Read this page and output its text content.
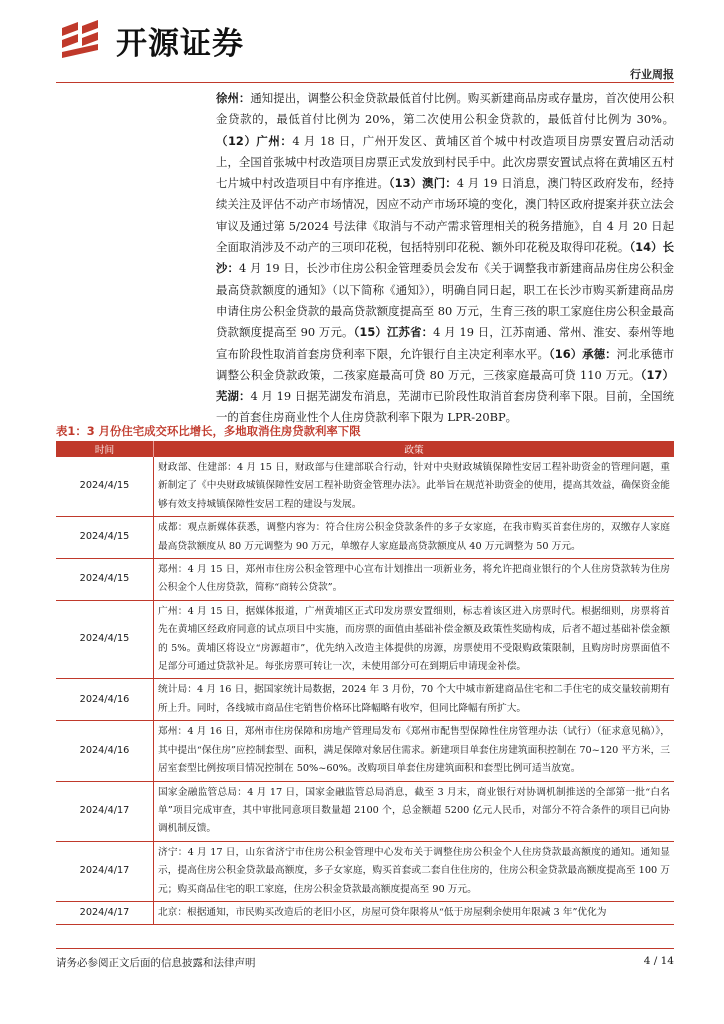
开源证券
行业周报
徐州：通知提出，调整公积金贷款最低首付比例。购买新建商品房或存量房，首次使用公积金贷款的，最低首付比例为 20%，第二次使用公积金贷款的，最低首付比例为 30%。（12）广州：4 月 18 日，广州开发区、黄埔区首个城中村改造项目房票安置启动活动上，全国首张城中村改造项目房票正式发放到村民手中。此次房票安置试点将在黄埔区五村七片城中村改造项目中有序推进。（13）澳门：4 月 19 日消息，澳门特区政府发布，经持续关注及评估不动产市场情况，因应不动产市场环境的变化，澳门特区政府提案并获立法会审议及通过第 5/2024 号法律《取消与不动产需求管理相关的税务措施》，自 4 月 20 日起全面取消涉及不动产的三项印花税，包括特别印花税、额外印花税及取得印花税。（14）长沙：4 月 19 日，长沙市住房公积金管理委员会发布《关于调整我市新建商品房住房公积金最高贷款额度的通知》（以下简称《通知》），明确自同日起，职工在长沙市购买新建商品房申请住房公积金贷款的最高贷款额度提高至 80 万元，生育三孩的职工家庭住房公积金最高贷款额度提高至 90 万元。（15）江苏省：4 月 19 日，江苏南通、常州、淮安、泰州等地宣布阶段性取消首套房贷利率下限，允许银行自主决定利率水平。（16）承德：河北承德市调整公积金贷款政策，二孩家庭最高可贷 80 万元，三孩家庭最高可贷 110 万元。（17）芜湖：4 月 19 日据芜湖发布消息，芜湖市已阶段性取消首套房贷利率下限。目前，全国统一的首套住房商业性个人住房贷款利率下限为 LPR-20BP。
表1：3 月份住宅成交环比增长，多地取消住房贷款利率下限
时间	政策
2024/4/15	财政部、住建部：4 月 15 日，财政部与住建部联合行动，针对中央财政城镇保障性安居工程补助资金的管理问题，重新制定了《中央财政城镇保障性安居工程补助资金管理办法》。此举旨在规范补助资金的使用，提高其效益，确保资金能够有效支持城镇保障性安居工程的建设与发展。
2024/4/15	成都：观点新媒体获悉，调整内容为：符合住房公积金贷款条件的多子女家庭，在我市购买首套住房的，双缴存人家庭最高贷款额度从 80 万元调整为 90 万元，单缴存人家庭最高贷款额度从 40 万元调整为 50 万元。
2024/4/15	郑州：4 月 15 日，郑州市住房公积金管理中心宣布计划推出一项新业务，将允许把商业银行的个人住房贷款转为住房公积金个人住房贷款，简称“商转公贷款”。
2024/4/15	广州：4 月 15 日，据媒体报道，广州黄埔区正式印发房票安置细则，标志着该区进入房票时代。根据细则，房票将首先在黄埔区经政府同意的试点项目中实施，而房票的面值由基础补偿金额及政策性奖励构成，后者不超过基础补偿金额的 5%。黄埔区将设立“房源超市”，优先纳入改造主体提供的房源，房票使用不受限购政策限制，且购房时房票面值不足部分可通过贷款补足。每张房票可转让一次，未使用部分可在到期后申请现金补偿。
2024/4/16	统计局：4 月 16 日，据国家统计局数据，2024 年 3 月份，70 个大中城市新建商品住宅和二手住宅的成交量较前期有所上升。同时，各线城市商品住宅销售价格环比降幅略有收窄，但同比降幅有所扩大。
2024/4/16	郑州：4 月 16 日，郑州市住房保障和房地产管理局发布《郑州市配售型保障性住房管理办法（试行）（征求意见稿）》，其中提出“保住房”应控制套型、面积，满足保障对象居住需求。新建项目单套住房建筑面积控制在 70~120 平方米，三居室套型比例按项目情况控制在 50%~60%。改购项目单套住房建筑面积和套型比例可适当放宽。
2024/4/17	国家金融监管总局：4 月 17 日，国家金融监管总局消息，截至 3 月末，商业银行对协调机制推送的全部第一批“白名单”项目完成审查，其中审批同意项目数量超 2100 个，总金额超 5200 亿元人民币，对部分不符合条件的项目已向协调机制反馈。
2024/4/17	济宁：4 月 17 日，山东省济宁市住房公积金管理中心发布关于调整住房公积金个人住房贷款最高额度的通知。通知显示，提高住房公积金贷款最高额度，多子女家庭，购买首套或二套自住住房的，住房公积金贷款最高额度提高至 100 万元；购买商品住宅的职工家庭，住房公积金贷款最高额度提高至 90 万元。
2024/4/17	北京：根据通知，市民购买改造后的老旧小区，房屋可贷年限将从“低于房屋剩余使用年限减 3 年”优化为
请务必参阅正文后面的信息披露和法律声明	4 / 14
